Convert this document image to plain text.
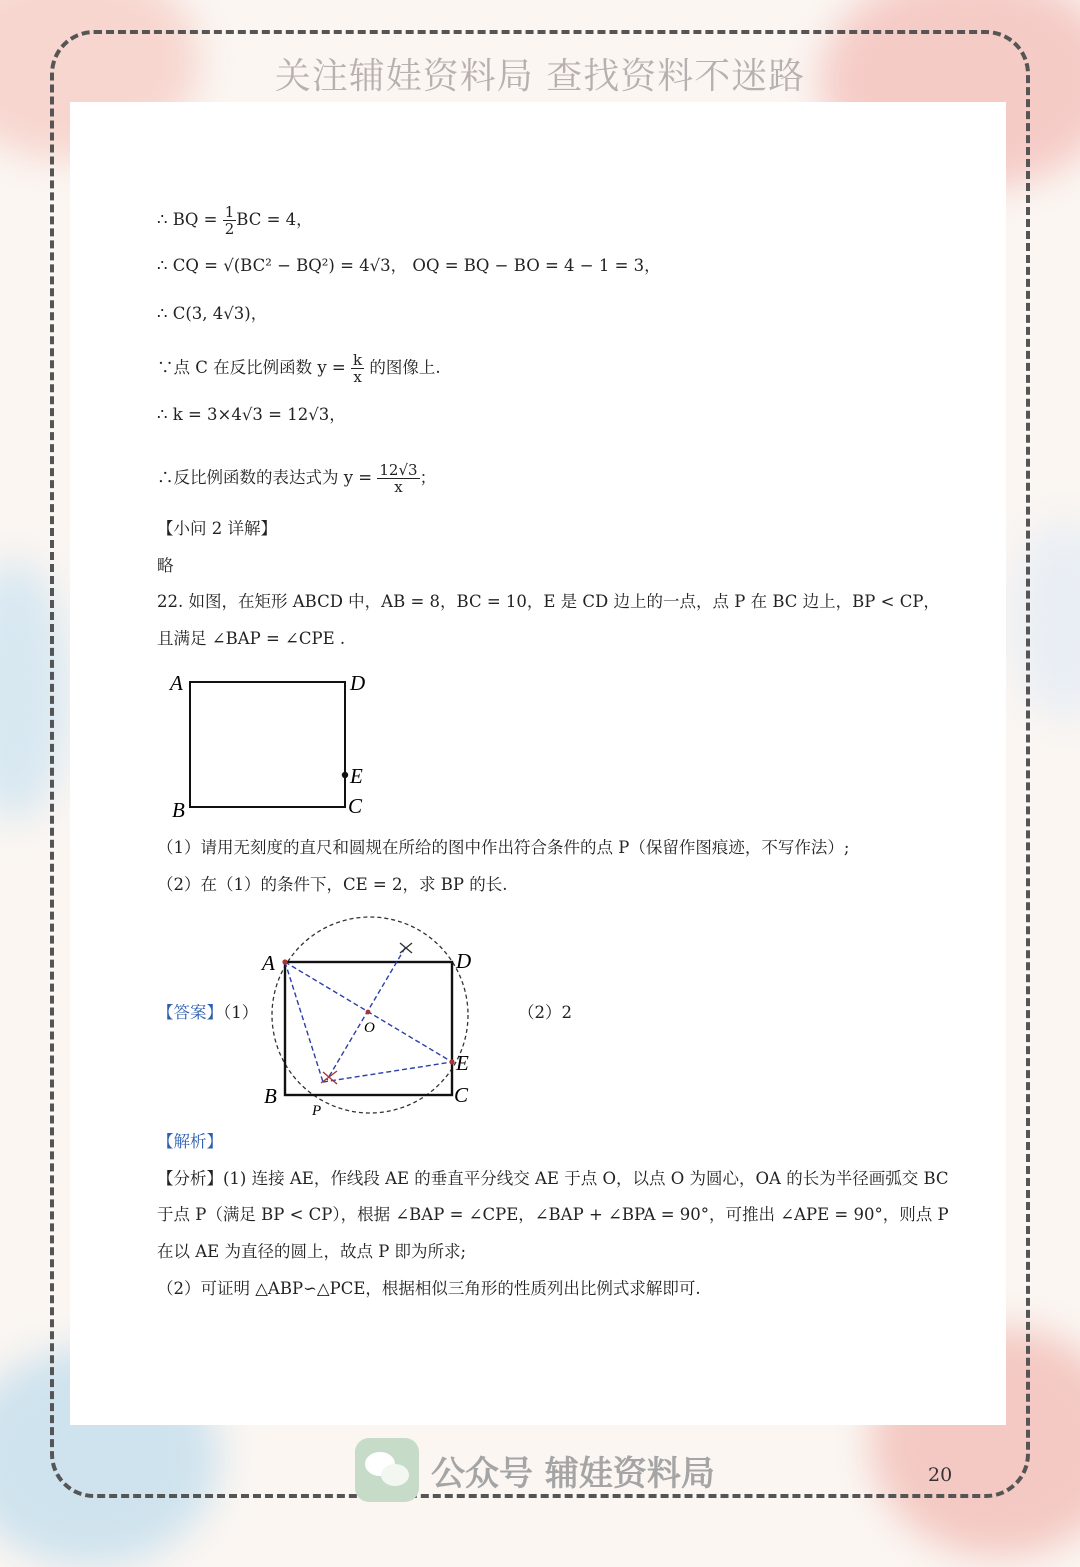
关注辅娃资料局 查找资料不迷路
∴ BQ = $\frac{1}{2}$ BC = 4，
∴ CQ = √(BC² − BQ²) = 4√3， OQ = BQ − BO = 4 − 1 = 3，
∴ C(3, 4√3)，
∵点 C 在反比例函数 $y = \frac{k}{x}$ 的图像上.
∴ k = 3×4√3 = 12√3，
∴反比例函数的表达式为 $y = \frac{12√3}{x}$ ；
【小问 2 详解】
略
22. 如图，在矩形 ABCD 中，AB = 8，BC = 10，E 是 CD 边上的一点，点 P 在 BC 边上，BP < CP，
且满足 ∠BAP = ∠CPE .
A	D
B	C
E
（1）请用无刻度的直尺和圆规在所给的图中作出符合条件的点 P（保留作图痕迹，不写作法）;
（2）在（1）的条件下，CE = 2，求 BP 的长.
【答案】（1）	（2）2
A	D
B	C
E
O
P
【解析】
【分析】(1) 连接 AE，作线段 AE 的垂直平分线交 AE 于点 O，以点 O 为圆心，OA 的长为半径画弧交 BC
于点 P（满足 BP < CP），根据 ∠BAP = ∠CPE，∠BAP + ∠BPA = 90°，可推出 ∠APE = 90°，则点 P
在以 AE 为直径的圆上，故点 P 即为所求;
（2）可证明 △ABP∽△PCE，根据相似三角形的性质列出比例式求解即可.
公众号 辅娃资料局	20
